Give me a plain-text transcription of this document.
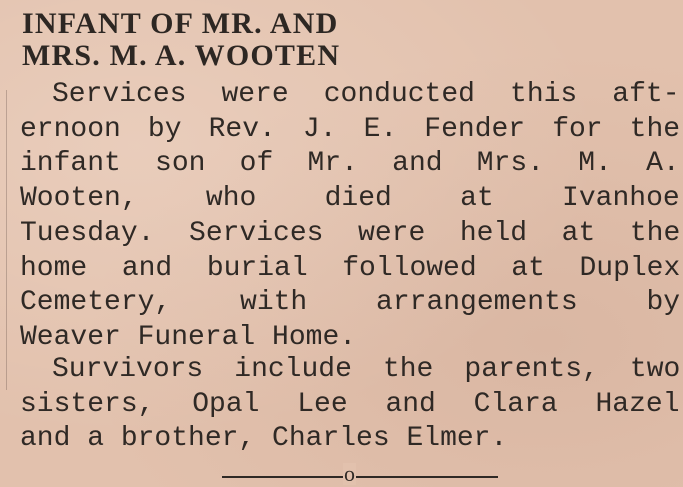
INFANT OF MR. AND
MRS. M. A. WOOTEN

Services were conducted this aft-
ernoon by Rev. J. E. Fender for the
infant son of Mr. and Mrs. M. A.
Wooten, who died at Ivanhoe
Tuesday. Services were held at the
home and burial followed at Duplex
Cemetery, with arrangements by
Weaver Funeral Home.

Survivors include the parents, two
sisters, Opal Lee and Clara Hazel
and a brother, Charles Elmer.

o
